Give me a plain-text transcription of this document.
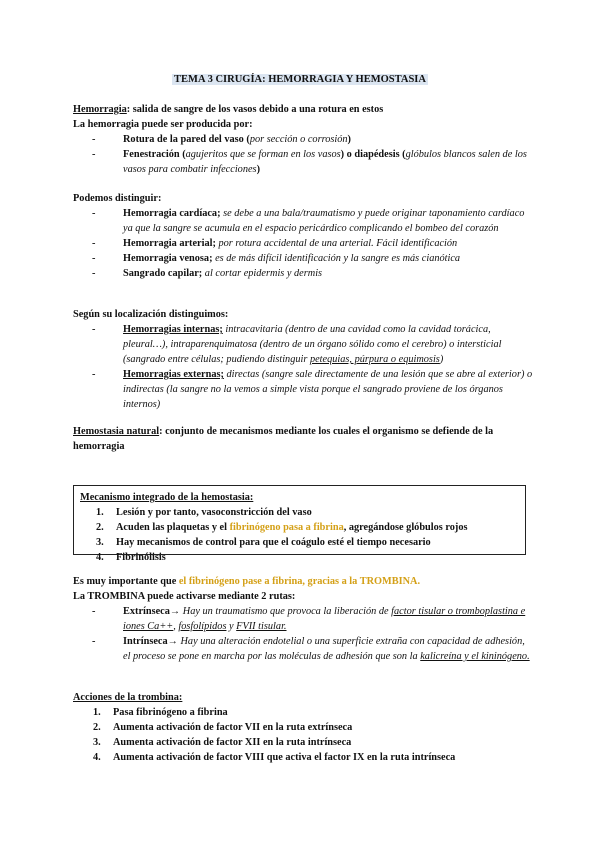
TEMA 3 CIRUGÍA: HEMORRAGIA Y HEMOSTASIA
Hemorragia: salida de sangre de los vasos debido a una rotura en estos
La hemorragia puede ser producida por:
- Rotura de la pared del vaso (por sección o corrosión)
- Fenestración (agujeritos que se forman en los vasos) o diapédesis (glóbulos blancos salen de los vasos para combatir infecciones)
Podemos distinguir:
- Hemorragia cardíaca; se debe a una bala/traumatismo y puede originar taponamiento cardíaco ya que la sangre se acumula en el espacio pericárdico complicando el bombeo del corazón
- Hemorragia arterial; por rotura accidental de una arterial. Fácil identificación
- Hemorragia venosa; es de más difícil identificación y la sangre es más cianótica
- Sangrado capilar; al cortar epidermis y dermis
Según su localización distinguimos:
- Hemorragias internas; intracavitaria (dentro de una cavidad como la cavidad torácica, pleural…), intraparenquimatosa (dentro de un órgano sólido como el cerebro) o intersticial (sangrado entre células; pudiendo distinguir petequias, púrpura o equimosis)
- Hemorragias externas; directas (sangre sale directamente de una lesión que se abre al exterior) o indirectas (la sangre no la vemos a simple vista porque el sangrado proviene de los órganos internos)
Hemostasia natural: conjunto de mecanismos mediante los cuales el organismo se defiende de la hemorragia
Mecanismo integrado de la hemostasia:
1. Lesión y por tanto, vasoconstricción del vaso
2. Acuden las plaquetas y el fibrinógeno pasa a fibrina, agregándose glóbulos rojos
3. Hay mecanismos de control para que el coágulo esté el tiempo necesario
4. Fibrinólisis
Es muy importante que el fibrinógeno pase a fibrina, gracias a la TROMBINA.
La TROMBINA puede activarse mediante 2 rutas:
- Extrínseca→ Hay un traumatismo que provoca la liberación de factor tisular o tromboplastina e iones Ca++, fosfolípidos y FVII tisular.
- Intrínseca→ Hay una alteración endotelial o una superficie extraña con capacidad de adhesión, el proceso se pone en marcha por las moléculas de adhesión que son la kalicreína y el kininógeno.
Acciones de la trombina:
1. Pasa fibrinógeno a fibrina
2. Aumenta activación de factor VII en la ruta extrínseca
3. Aumenta activación de factor XII en la ruta intrínseca
4. Aumenta activación de factor VIII que activa el factor IX en la ruta intrínseca
